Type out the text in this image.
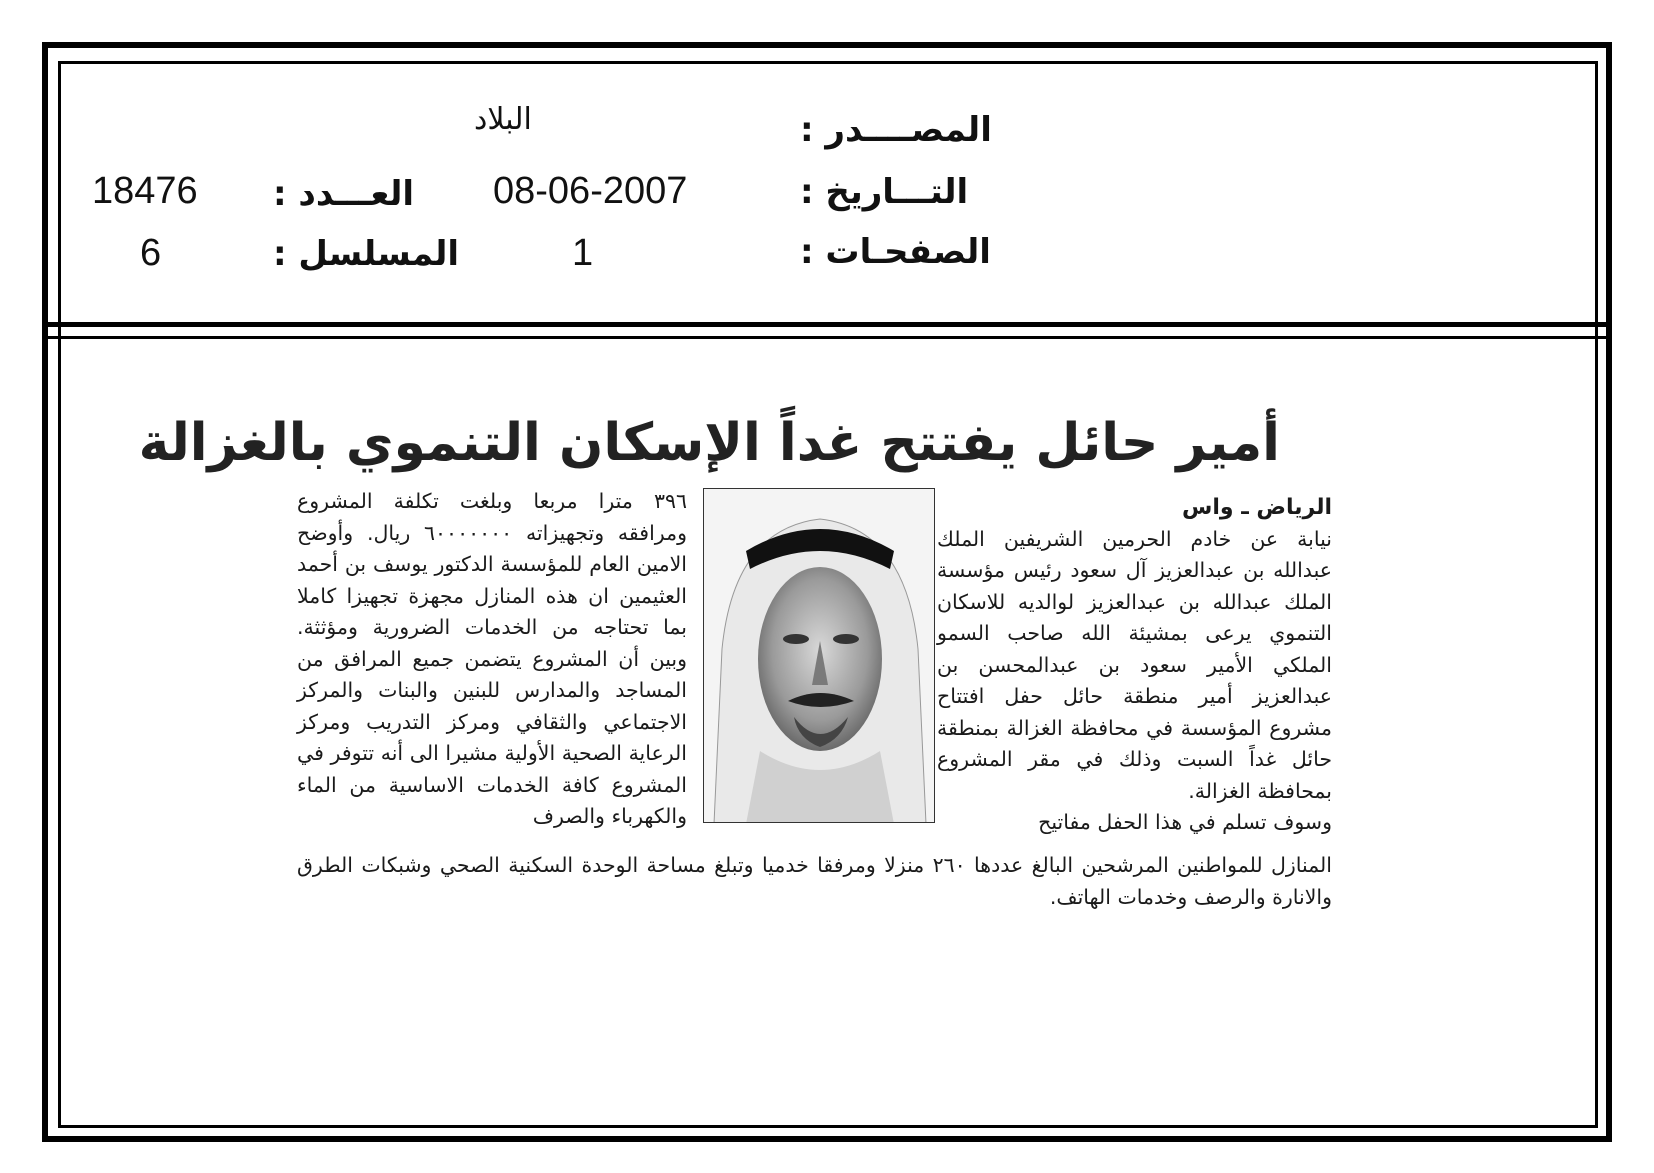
المصــــدر :
البلاد
التـــاريخ :
08-06-2007
العـــدد :
18476
الصفحـات :
1
المسلسل :
6
أمير حائل يفتتح غداً الإسكان التنموي بالغزالة

الرياض ـ واس

نيابة عن خادم الحرمين الشريفين الملك عبدالله بن عبدالعزيز آل سعود رئيس مؤسسة الملك عبدالله بن عبدالعزيز لوالديه للاسكان التنموي يرعى بمشيئة الله صاحب السمو الملكي الأمير سعود بن عبدالمحسن بن عبدالعزيز أمير منطقة حائل حفل افتتاح مشروع المؤسسة في محافظة الغزالة بمنطقة حائل غداً السبت وذلك في مقر المشروع بمحافظة الغزالة.

وسوف تسلم في هذا الحفل مفاتيح

٣٩٦ مترا مربعا وبلغت تكلفة المشروع ومرافقه وتجهيزاته ٦٠٠٠٠٠٠٠ ريال. وأوضح الامين العام للمؤسسة الدكتور يوسف بن أحمد العثيمين ان هذه المنازل مجهزة تجهيزا كاملا بما تحتاجه من الخدمات الضرورية ومؤثثة. وبين أن المشروع يتضمن جميع المرافق من المساجد والمدارس للبنين والبنات والمركز الاجتماعي والثقافي ومركز التدريب ومركز الرعاية الصحية الأولية مشيرا الى أنه تتوفر في المشروع كافة الخدمات الاساسية من الماء والكهرباء والصرف

المنازل للمواطنين المرشحين البالغ عددها ٢٦٠ منزلا ومرفقا خدميا وتبلغ مساحة الوحدة السكنية الصحي وشبكات الطرق والانارة والرصف وخدمات الهاتف.
